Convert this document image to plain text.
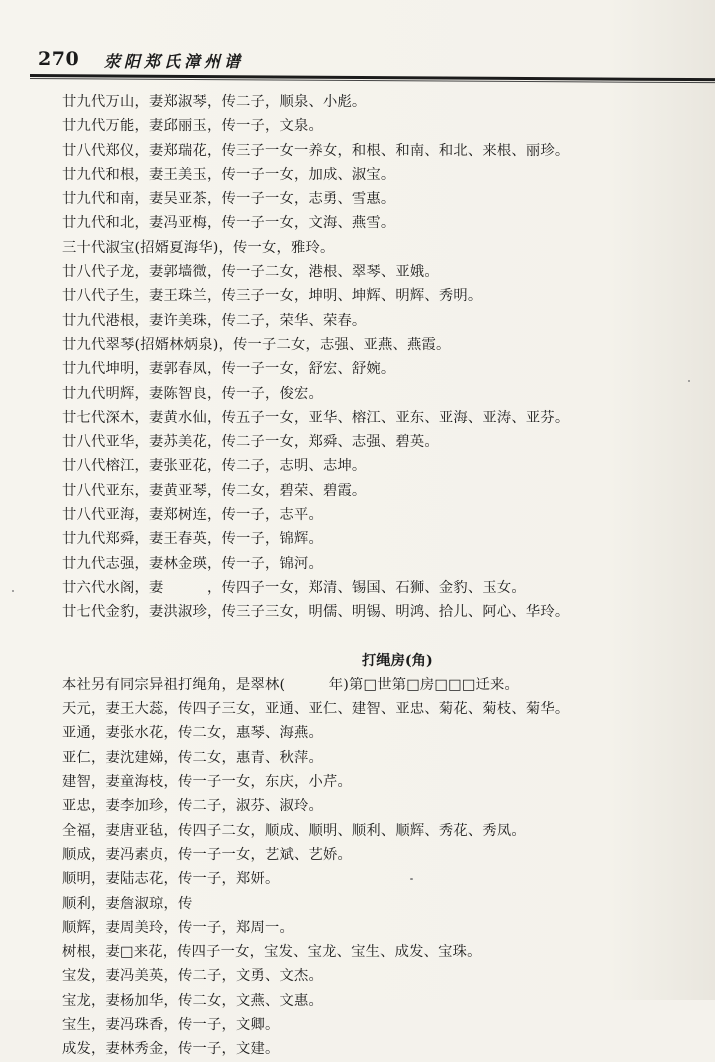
270 荥阳郑氏漳州谱
廿九代万山，妻郑淑琴，传二子，顺泉、小彪。
廿九代万能，妻邱丽玉，传一子，文泉。
廿八代郑仪，妻郑瑞花，传三子一女一养女，和根、和南、和北、来根、丽珍。
廿九代和根，妻王美玉，传一子一女，加成、淑宝。
廿九代和南，妻吴亚茶，传一子一女，志勇、雪惠。
廿九代和北，妻冯亚梅，传一子一女，文海、燕雪。
三十代淑宝(招婿夏海华)，传一女，雅玲。
廿八代子龙，妻郭墙微，传一子二女，港根、翠琴、亚娥。
廿八代子生，妻王珠兰，传三子一女，坤明、坤辉、明辉、秀明。
廿九代港根，妻许美珠，传二子，荣华、荣春。
廿九代翠琴(招婿林炳泉)，传一子二女，志强、亚燕、燕霞。
廿九代坤明，妻郭春凤，传一子一女，舒宏、舒婉。
廿九代明辉，妻陈智良，传一子，俊宏。
廿七代深木，妻黄水仙，传五子一女，亚华、榕江、亚东、亚海、亚涛、亚芬。
廿八代亚华，妻苏美花，传二子一女，郑舜、志强、碧英。
廿八代榕江，妻张亚花，传二子，志明、志坤。
廿八代亚东，妻黄亚琴，传二女，碧荣、碧霞。
廿八代亚海，妻郑树连，传一子，志平。
廿九代郑舜，妻王春英，传一子，锦辉。
廿九代志强，妻林金瑛，传一子，锦河。
廿六代水阁，妻　　　，传四子一女，郑清、锡国、石狮、金豹、玉女。
廿七代金豹，妻洪淑珍，传三子三女，明儒、明锡、明鸿、拾儿、阿心、华玲。
打绳房(角)
本社另有同宗异祖打绳角，是翠林(　　　年)第□世第□房□□□迁来。
天元，妻王大蕊，传四子三女，亚通、亚仁、建智、亚忠、菊花、菊枝、菊华。
亚通，妻张水花，传二女，惠琴、海燕。
亚仁，妻沈建娣，传二女，惠青、秋萍。
建智，妻童海枝，传一子一女，东庆，小芹。
亚忠，妻李加珍，传二子，淑芬、淑玲。
全福，妻唐亚毡，传四子二女，顺成、顺明、顺利、顺辉、秀花、秀凤。
顺成，妻冯素贞，传一子一女，艺斌、艺娇。
顺明，妻陆志花，传一子，郑妍。
顺利，妻詹淑琼，传
顺辉，妻周美玲，传一子，郑周一。
树根，妻□来花，传四子一女，宝发、宝龙、宝生、成发、宝珠。
宝发，妻冯美英，传二子，文勇、文杰。
宝龙，妻杨加华，传二女，文燕、文惠。
宝生，妻冯珠香，传一子，文卿。
成发，妻林秀金，传一子，文建。
